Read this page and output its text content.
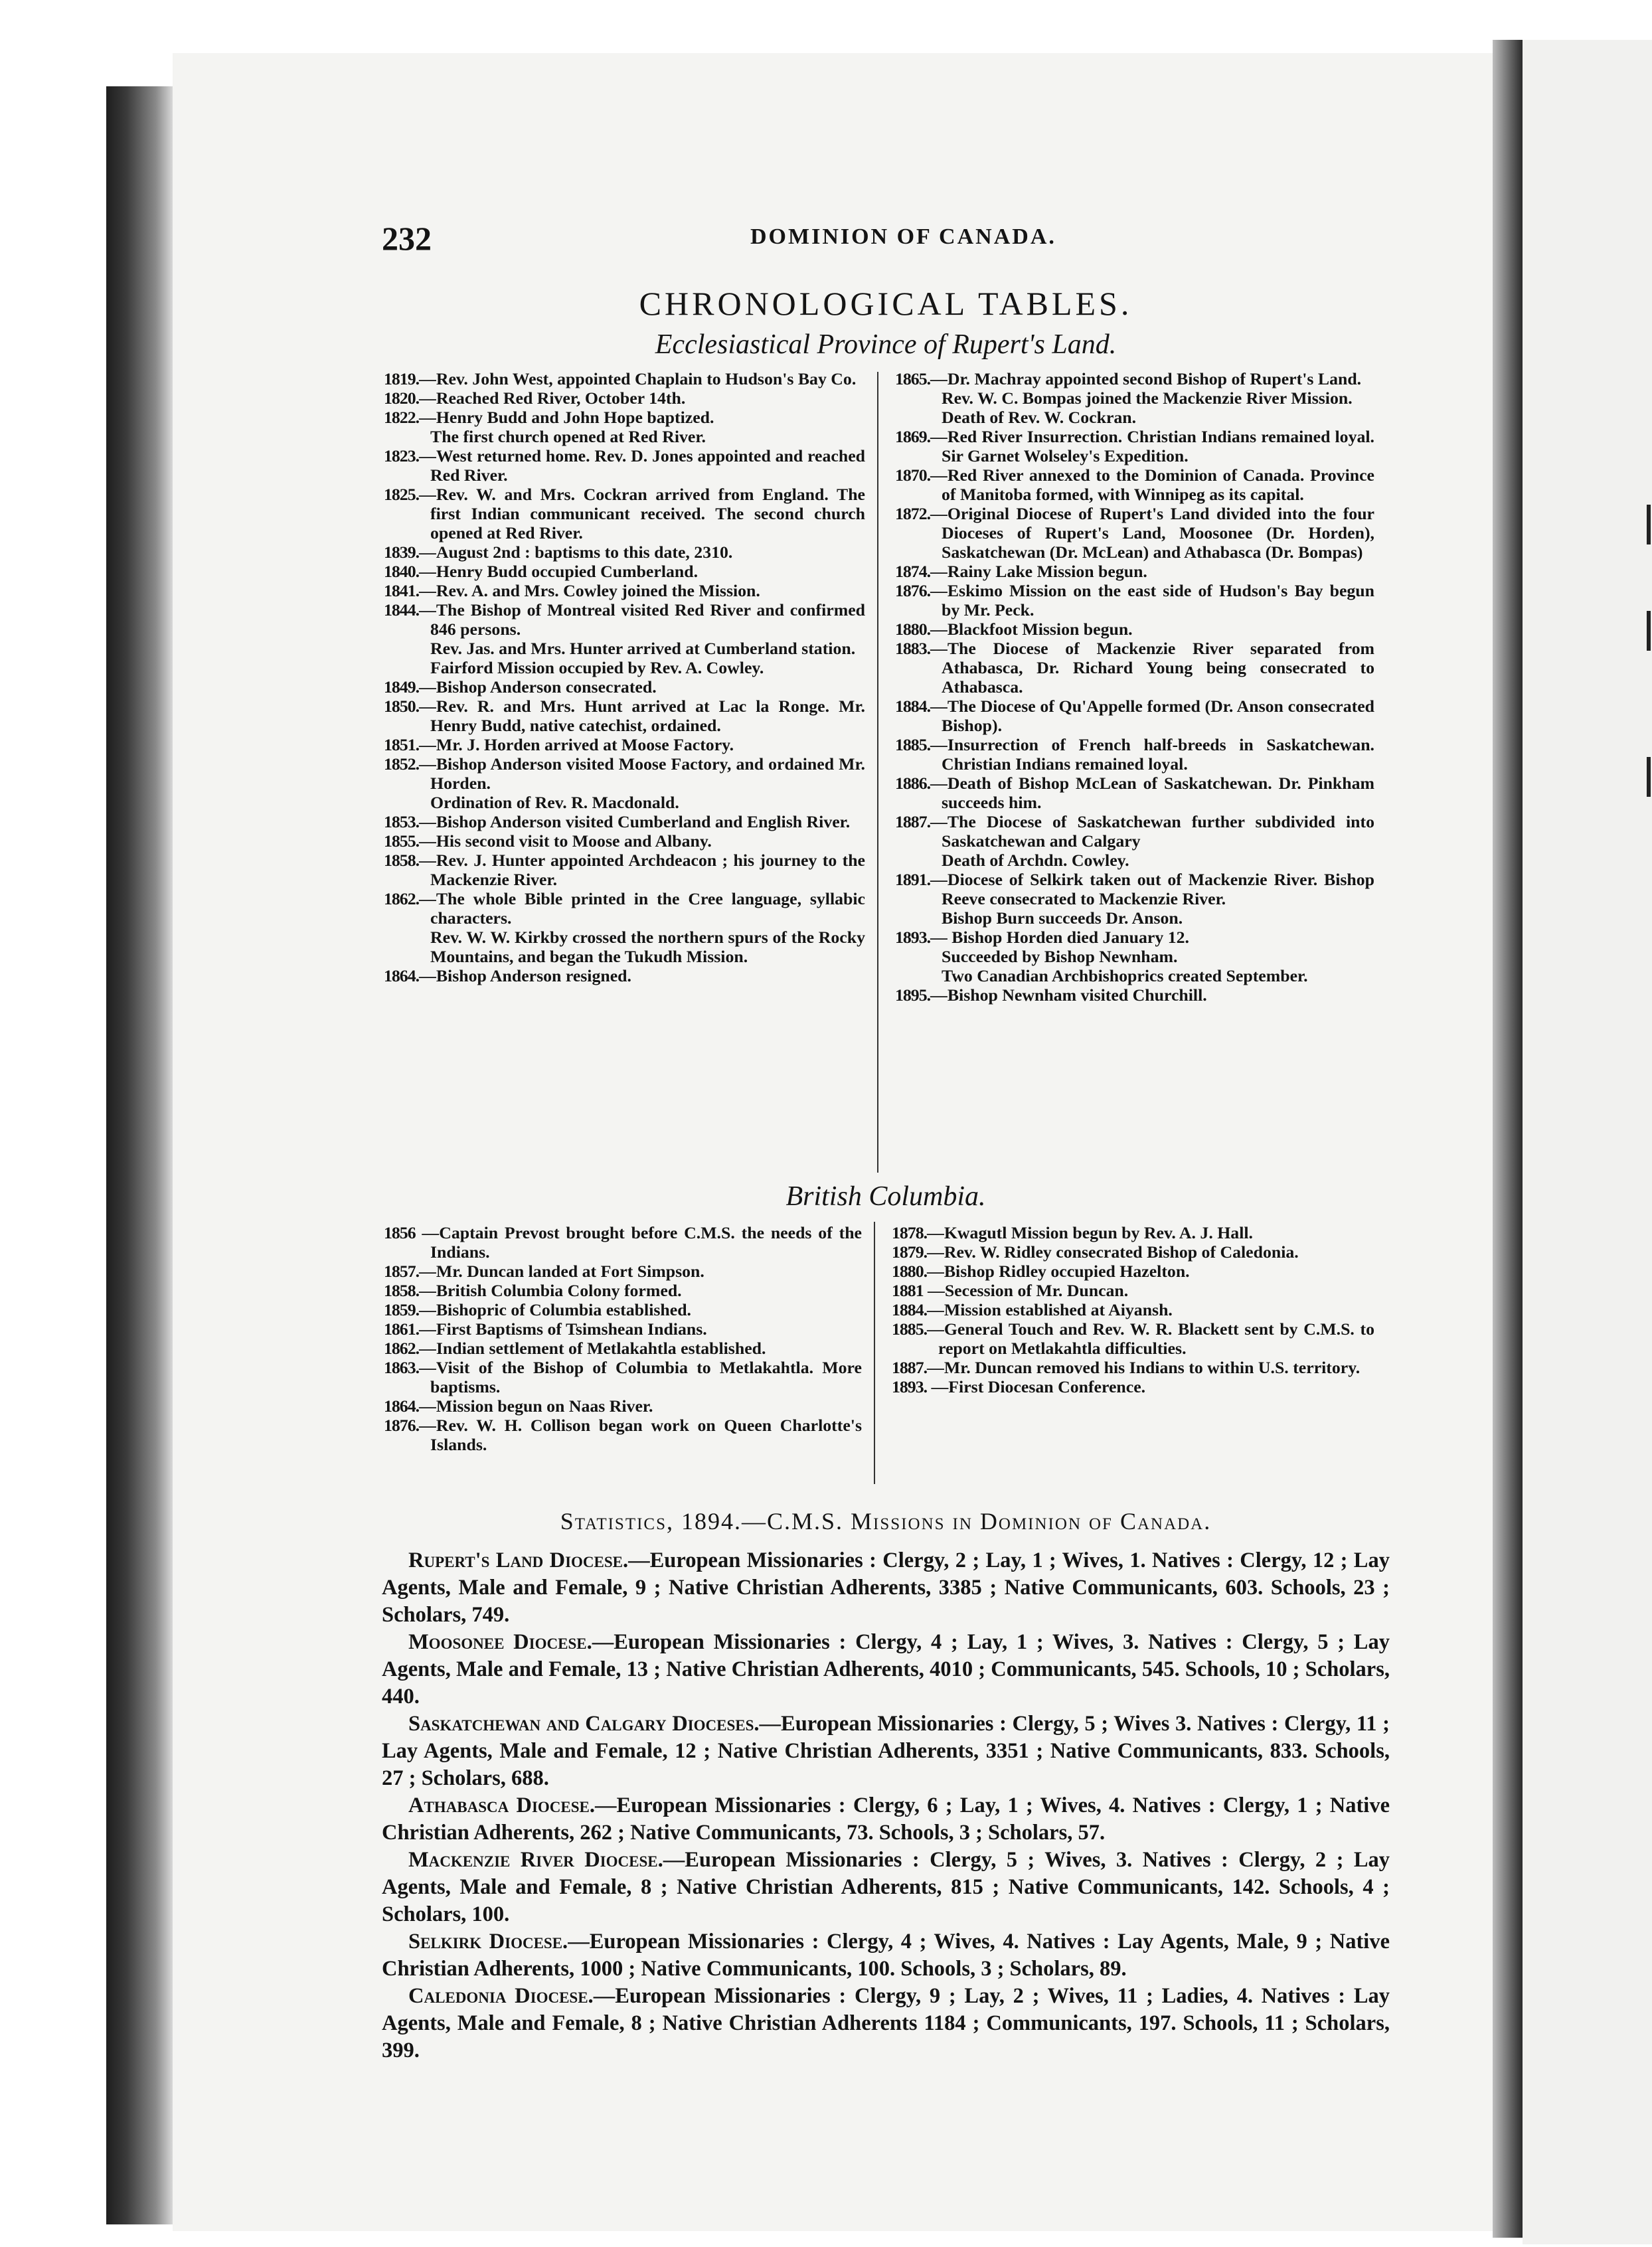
232	DOMINION OF CANADA.
CHRONOLOGICAL TABLES.
Ecclesiastical Province of Rupert's Land.
1819.—Rev. John West, appointed Chaplain to Hudson's Bay Co.
1820.—Reached Red River, October 14th.
1822.—Henry Budd and John Hope baptized.
The first church opened at Red River.
1823.—West returned home. Rev. D. Jones appointed and reached Red River.
1825.—Rev. W. and Mrs. Cockran arrived from England. The first Indian communicant received. The second church opened at Red River.
1839.—August 2nd : baptisms to this date, 2310.
1840.—Henry Budd occupied Cumberland.
1841.—Rev. A. and Mrs. Cowley joined the Mission.
1844.—The Bishop of Montreal visited Red River and confirmed 846 persons.
Rev. Jas. and Mrs. Hunter arrived at Cumberland station.
Fairford Mission occupied by Rev. A. Cowley.
1849.—Bishop Anderson consecrated.
1850.—Rev. R. and Mrs. Hunt arrived at Lac la Ronge. Mr. Henry Budd, native catechist, ordained.
1851.—Mr. J. Horden arrived at Moose Factory.
1852.—Bishop Anderson visited Moose Factory, and ordained Mr. Horden.
Ordination of Rev. R. Macdonald.
1853.—Bishop Anderson visited Cumberland and English River.
1855.—His second visit to Moose and Albany.
1858.—Rev. J. Hunter appointed Archdeacon ; his journey to the Mackenzie River.
1862.—The whole Bible printed in the Cree language, syllabic characters.
Rev. W. W. Kirkby crossed the northern spurs of the Rocky Mountains, and began the Tukudh Mission.
1864.—Bishop Anderson resigned.
1865.—Dr. Machray appointed second Bishop of Rupert's Land.
Rev. W. C. Bompas joined the Mackenzie River Mission.
Death of Rev. W. Cockran.
1869.—Red River Insurrection. Christian Indians remained loyal. Sir Garnet Wolseley's Expedition.
1870.—Red River annexed to the Dominion of Canada. Province of Manitoba formed, with Winnipeg as its capital.
1872.—Original Diocese of Rupert's Land divided into the four Dioceses of Rupert's Land, Moosonee (Dr. Horden), Saskatchewan (Dr. McLean) and Athabasca (Dr. Bompas)
1874.—Rainy Lake Mission begun.
1876.—Eskimo Mission on the east side of Hudson's Bay begun by Mr. Peck.
1880.—Blackfoot Mission begun.
1883.—The Diocese of Mackenzie River separated from Athabasca, Dr. Richard Young being consecrated to Athabasca.
1884.—The Diocese of Qu'Appelle formed (Dr. Anson consecrated Bishop).
1885.—Insurrection of French half-breeds in Saskatchewan. Christian Indians remained loyal.
1886.—Death of Bishop McLean of Saskatchewan. Dr. Pinkham succeeds him.
1887.—The Diocese of Saskatchewan further subdivided into Saskatchewan and Calgary
Death of Archdn. Cowley.
1891.—Diocese of Selkirk taken out of Mackenzie River. Bishop Reeve consecrated to Mackenzie River.
Bishop Burn succeeds Dr. Anson.
1893.— Bishop Horden died January 12.
Succeeded by Bishop Newnham.
Two Canadian Archbishoprics created September.
1895.—Bishop Newnham visited Churchill.
British Columbia.
1856 —Captain Prevost brought before C.M.S. the needs of the Indians.
1857.—Mr. Duncan landed at Fort Simpson.
1858.—British Columbia Colony formed.
1859.—Bishopric of Columbia established.
1861.—First Baptisms of Tsimshean Indians.
1862.—Indian settlement of Metlakahtla established.
1863.—Visit of the Bishop of Columbia to Metlakahtla. More baptisms.
1864.—Mission begun on Naas River.
1876.—Rev. W. H. Collison began work on Queen Charlotte's Islands.
1878.—Kwagutl Mission begun by Rev. A. J. Hall.
1879.—Rev. W. Ridley consecrated Bishop of Caledonia.
1880.—Bishop Ridley occupied Hazelton.
1881 —Secession of Mr. Duncan.
1884.—Mission established at Aiyansh.
1885.—General Touch and Rev. W. R. Blackett sent by C.M.S. to report on Metlakahtla difficulties.
1887.—Mr. Duncan removed his Indians to within U.S. territory.
1893. —First Diocesan Conference.
Statistics, 1894.—C.M.S. Missions in Dominion of Canada.

Rupert's Land Diocese.—European Missionaries : Clergy, 2 ; Lay, 1 ; Wives, 1. Natives : Clergy, 12 ; Lay Agents, Male and Female, 9 ; Native Christian Adherents, 3385 ; Native Communicants, 603. Schools, 23 ; Scholars, 749.

Moosonee Diocese.—European Missionaries : Clergy, 4 ; Lay, 1 ; Wives, 3. Natives : Clergy, 5 ; Lay Agents, Male and Female, 13 ; Native Christian Adherents, 4010 ; Communicants, 545. Schools, 10 ; Scholars, 440.

Saskatchewan and Calgary Dioceses.—European Missionaries : Clergy, 5 ; Wives 3. Natives : Clergy, 11 ; Lay Agents, Male and Female, 12 ; Native Christian Adherents, 3351 ; Native Communicants, 833. Schools, 27 ; Scholars, 688.

Athabasca Diocese.—European Missionaries : Clergy, 6 ; Lay, 1 ; Wives, 4. Natives : Clergy, 1 ; Native Christian Adherents, 262 ; Native Communicants, 73. Schools, 3 ; Scholars, 57.

Mackenzie River Diocese.—European Missionaries : Clergy, 5 ; Wives, 3. Natives : Clergy, 2 ; Lay Agents, Male and Female, 8 ; Native Christian Adherents, 815 ; Native Communicants, 142. Schools, 4 ; Scholars, 100.

Selkirk Diocese.—European Missionaries : Clergy, 4 ; Wives, 4. Natives : Lay Agents, Male, 9 ; Native Christian Adherents, 1000 ; Native Communicants, 100. Schools, 3 ; Scholars, 89.

Caledonia Diocese.—European Missionaries : Clergy, 9 ; Lay, 2 ; Wives, 11 ; Ladies, 4. Natives : Lay Agents, Male and Female, 8 ; Native Christian Adherents 1184 ; Communicants, 197. Schools, 11 ; Scholars, 399.
